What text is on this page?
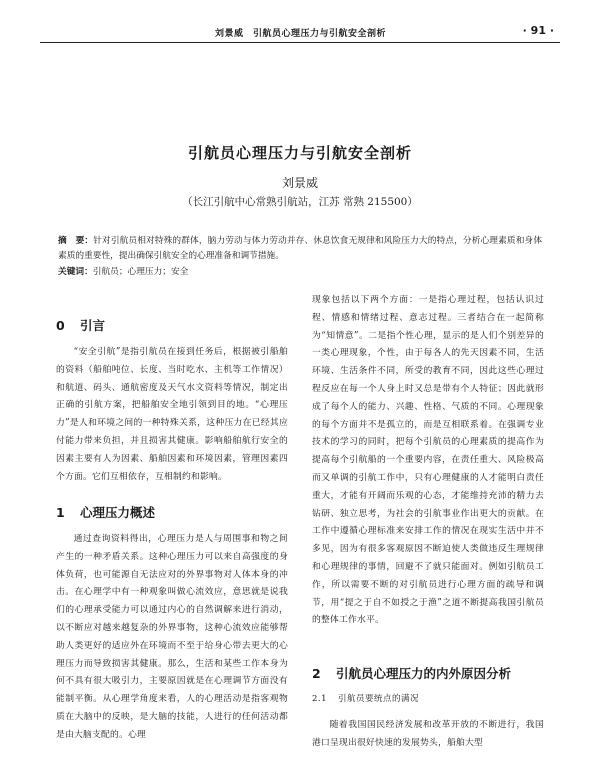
刘景威　引航员心理压力与引航安全剖析	· 91 ·
引航员心理压力与引航安全剖析
刘景威
（长江引航中心常熟引航站，江苏 常熟 215500）

摘　要：针对引航员相对特殊的群体，脑力劳动与体力劳动并存、休息饮食无规律和风险压力大的特点，分析心理素质和身体素质的重要性，提出确保引航安全的心理准备和调节措施。

关键词：引航员；心理压力；安全
0 引言

“安全引航”是指引航员在接到任务后，根据被引船舶的资料（船舶吨位、长度、当时吃水、主机等工作情况）和航道、码头、通航密度及天气水文资料等情况，制定出正确的引航方案，把船舶安全地引领到目的地。“心理压力”是人和环境之间的一种特殊关系，这种压力在已经其应付能力带来负担，并且损害其健康。影响船舶航行安全的因素主要有人为因素、船舶因素和环境因素，管理因素四个方面。它们互相依存，互相制约和影响。

1 心理压力概述

通过查询资料得出，心理压力是人与周围事和物之间产生的一种矛盾关系。这种心理压力可以来自高强度的身体负荷，也可能源自无法应对的外界事物对人体本身的冲击。在心理学中有一种观象叫做心流效应，意思就是说我们的心理承受能力可以通过内心的自然调解来进行消动，以不断应对越来越复杂的外界事物，这种心流效应能够帮助人类更好的适应外在环境而不至于给身心带去更大的心理压力而导致损害其健康。那么，生活和某些工作本身为何不具有很大吸引力，主要原因就是在心理调节方面没有能制平衡。从心理学角度来看，人的心理活动是指客观物质在大脑中的反映，是大脑的技能，人进行的任何活动都是由大脑支配的。心理

现象包括以下两个方面：一是指心理过程，包括认识过程、情感和情绪过程、意志过程。三者结合在一起简称为“知情意”。二是指个性心理，显示的是人们个别差异的一类心理现象，个性，由于每各人的先天因素不同，生活环境、生活条件不同，所受的教育不同，因此这些心理过程反应在每一个人身上时又总是带有个人特征；因此就形成了每个人的能力、兴趣、性格、气质的不同。心理现象的每个方面并不是孤立的，而是互相联系着。在强调专业技术的学习的同时，把每个引航员的心理素质的提高作为提高每个引航船的一个重要内容，在责任重大、风险极高而又单调的引航工作中，只有心理健康的人才能明白责任重大，才能有开阔而乐观的心态，才能维持充沛的精力去钻研、独立思考，为社会的引航事业作出更大的贡献。在工作中遵循心理标准来安排工作的情况在现实生活中并不多见，因为有很多客观原因不断迫使人类做违反生理规律和心理规律的事情，回避不了就只能面对。例如引航员工作，所以需要不断的对引航员进行心理方面的疏导和调节，用“提之于自不如授之于渔”之道不断提高我国引航员的整体工作水平。

2 引航员心理压力的内外原因分析
2.1 引航员要统点的满况

随着我国国民经济发展和改革开放的不断进行，我国港口呈现出很好快速的发展势头，船舶大型
